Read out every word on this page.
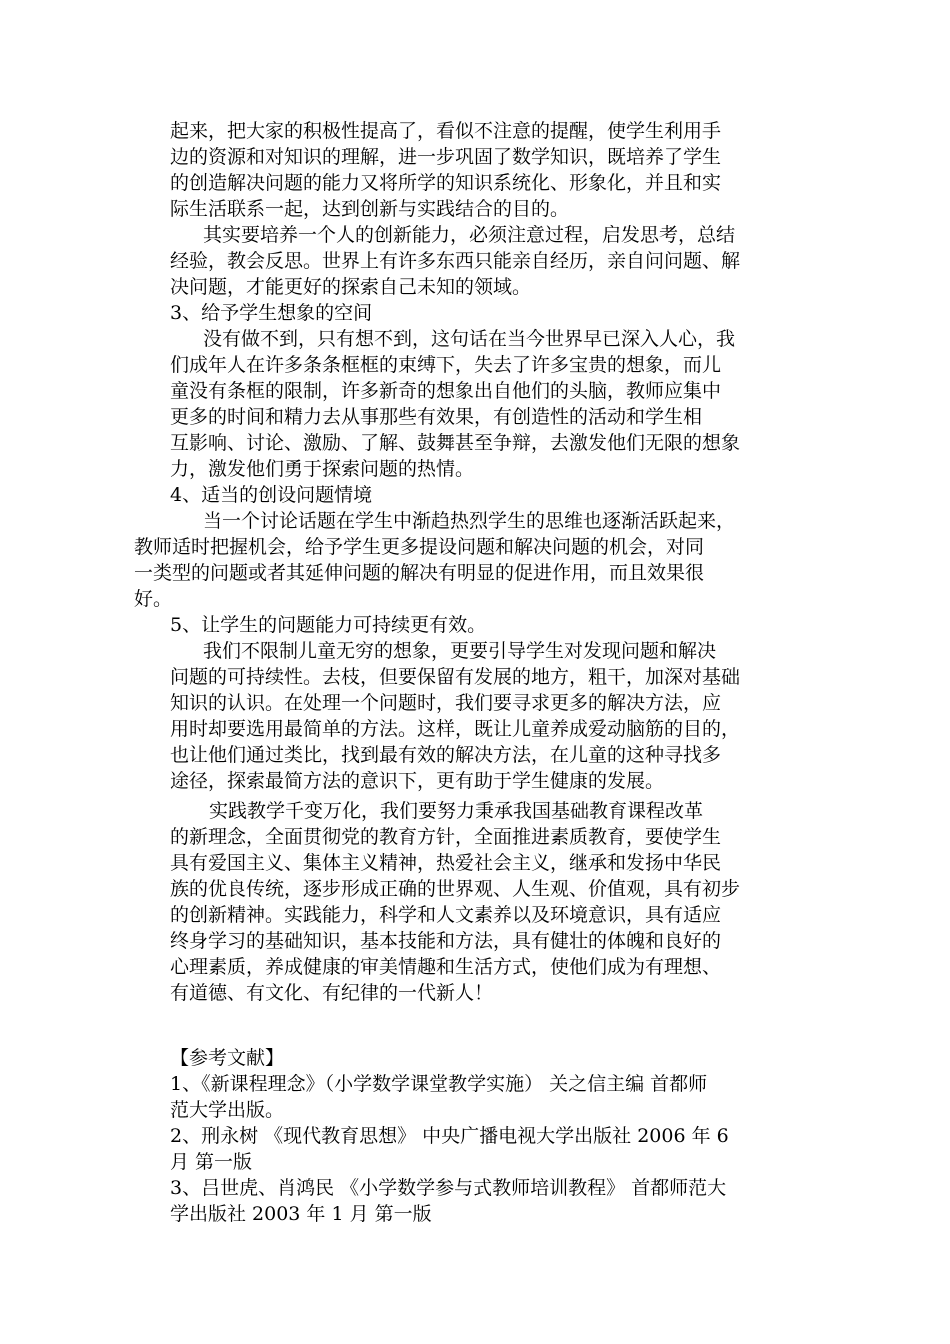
起来，把大家的积极性提高了，看似不注意的提醒，使学生利用手
边的资源和对知识的理解，进一步巩固了数学知识，既培养了学生
的创造解决问题的能力又将所学的知识系统化、形象化，并且和实
际生活联系一起，达到创新与实践结合的目的。
其实要培养一个人的创新能力，必须注意过程，启发思考，总结
经验，教会反思。世界上有许多东西只能亲自经历，亲自问问题、解
决问题，才能更好的探索自己未知的领域。
3、给予学生想象的空间
没有做不到，只有想不到，这句话在当今世界早已深入人心，我
们成年人在许多条条框框的束缚下，失去了许多宝贵的想象，而儿
童没有条框的限制，许多新奇的想象出自他们的头脑，教师应集中
更多的时间和精力去从事那些有效果，有创造性的活动和学生相
互影响、讨论、激励、了解、鼓舞甚至争辩，去激发他们无限的想象
力，激发他们勇于探索问题的热情。
4、适当的创设问题情境
当一个讨论话题在学生中渐趋热烈学生的思维也逐渐活跃起来，
教师适时把握机会，给予学生更多提设问题和解决问题的机会，对同
一类型的问题或者其延伸问题的解决有明显的促进作用，而且效果很
好。
5、让学生的问题能力可持续更有效。
我们不限制儿童无穷的想象，更要引导学生对发现问题和解决
问题的可持续性。去枝，但要保留有发展的地方，粗干，加深对基础
知识的认识。在处理一个问题时，我们要寻求更多的解决方法，应
用时却要选用最简单的方法。这样，既让儿童养成爱动脑筋的目的，
也让他们通过类比，找到最有效的解决方法，在儿童的这种寻找多
途径，探索最简方法的意识下，更有助于学生健康的发展。
实践教学千变万化，我们要努力秉承我国基础教育课程改革
的新理念，全面贯彻党的教育方针，全面推进素质教育，要使学生
具有爱国主义、集体主义精神，热爱社会主义，继承和发扬中华民
族的优良传统，逐步形成正确的世界观、人生观、价值观，具有初步
的创新精神。实践能力，科学和人文素养以及环境意识，具有适应
终身学习的基础知识，基本技能和方法，具有健壮的体魄和良好的
心理素质，养成健康的审美情趣和生活方式，使他们成为有理想、
有道德、有文化、有纪律的一代新人！
【参考文献】
1、《新课程理念》（小学数学课堂教学实施） 关之信主编 首都师
范大学出版。
2、刑永树 《现代教育思想》 中央广播电视大学出版社 2006 年 6
月 第一版
3、吕世虎、肖鸿民 《小学数学参与式教师培训教程》 首都师范大
学出版社 2003 年 1 月 第一版
